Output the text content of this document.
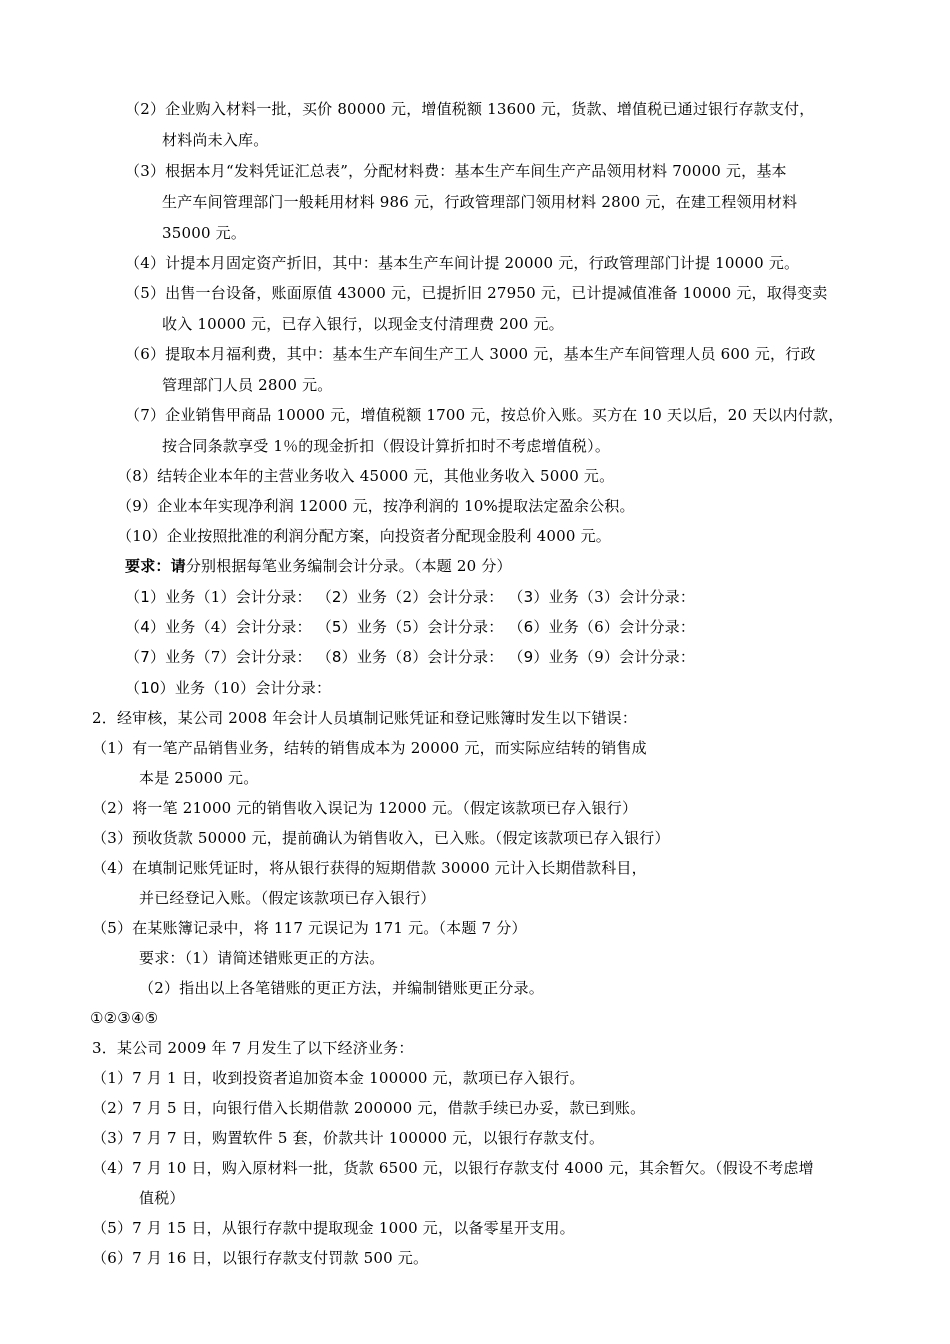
（2）企业购入材料一批，买价 80000 元，增值税额 13600 元，货款、增值税已通过银行存款支付，
材料尚未入库。
（3）根据本月“发料凭证汇总表”，分配材料费：基本生产车间生产产品领用材料 70000 元，基本
生产车间管理部门一般耗用材料 986 元，行政管理部门领用材料 2800 元，在建工程领用材料
35000 元。
（4）计提本月固定资产折旧，其中：基本生产车间计提 20000 元，行政管理部门计提 10000 元。
（5）出售一台设备，账面原值 43000 元，已提折旧 27950 元，已计提减值准备 10000 元，取得变卖
收入 10000 元，已存入银行，以现金支付清理费 200 元。
（6）提取本月福利费，其中：基本生产车间生产工人 3000 元，基本生产车间管理人员 600 元，行政
管理部门人员 2800 元。
（7）企业销售甲商品 10000 元，增值税额 1700 元，按总价入账。买方在 10 天以后，20 天以内付款，
按合同条款享受 1％的现金折扣（假设计算折扣时不考虑增值税）。
（8）结转企业本年的主营业务收入 45000 元，其他业务收入 5000 元。
（9）企业本年实现净利润 12000 元，按净利润的 10%提取法定盈余公积。
（10）企业按照批准的利润分配方案，向投资者分配现金股利 4000 元。
要求：请分别根据每笔业务编制会计分录。（本题 20 分）
（1）业务（1）会计分录： （2）业务（2）会计分录： （3）业务（3）会计分录：
（4）业务（4）会计分录： （5）业务（5）会计分录： （6）业务（6）会计分录：
（7）业务（7）会计分录： （8）业务（8）会计分录： （9）业务（9）会计分录：
（10）业务（10）会计分录：
2．经审核，某公司 2008 年会计人员填制记账凭证和登记账簿时发生以下错误：
（1）有一笔产品销售业务，结转的销售成本为 20000 元，而实际应结转的销售成
本是 25000 元。
（2）将一笔 21000 元的销售收入误记为 12000 元。（假定该款项已存入银行）
（3）预收货款 50000 元，提前确认为销售收入，已入账。（假定该款项已存入银行）
（4）在填制记账凭证时，将从银行获得的短期借款 30000 元计入长期借款科目，
并已经登记入账。（假定该款项已存入银行）
（5）在某账簿记录中，将 117 元误记为 171 元。（本题 7 分）
要求：（1）请简述错账更正的方法。
（2）指出以上各笔错账的更正方法，并编制错账更正分录。
①②③④⑤
3．某公司 2009 年 7 月发生了以下经济业务：
（1）7 月 1 日，收到投资者追加资本金 100000 元，款项已存入银行。
（2）7 月 5 日，向银行借入长期借款 200000 元，借款手续已办妥，款已到账。
（3）7 月 7 日，购置软件 5 套，价款共计 100000 元，以银行存款支付。
（4）7 月 10 日，购入原材料一批，货款 6500 元，以银行存款支付 4000 元，其余暂欠。（假设不考虑增
值税）
（5）7 月 15 日，从银行存款中提取现金 1000 元，以备零星开支用。
（6）7 月 16 日，以银行存款支付罚款 500 元。
